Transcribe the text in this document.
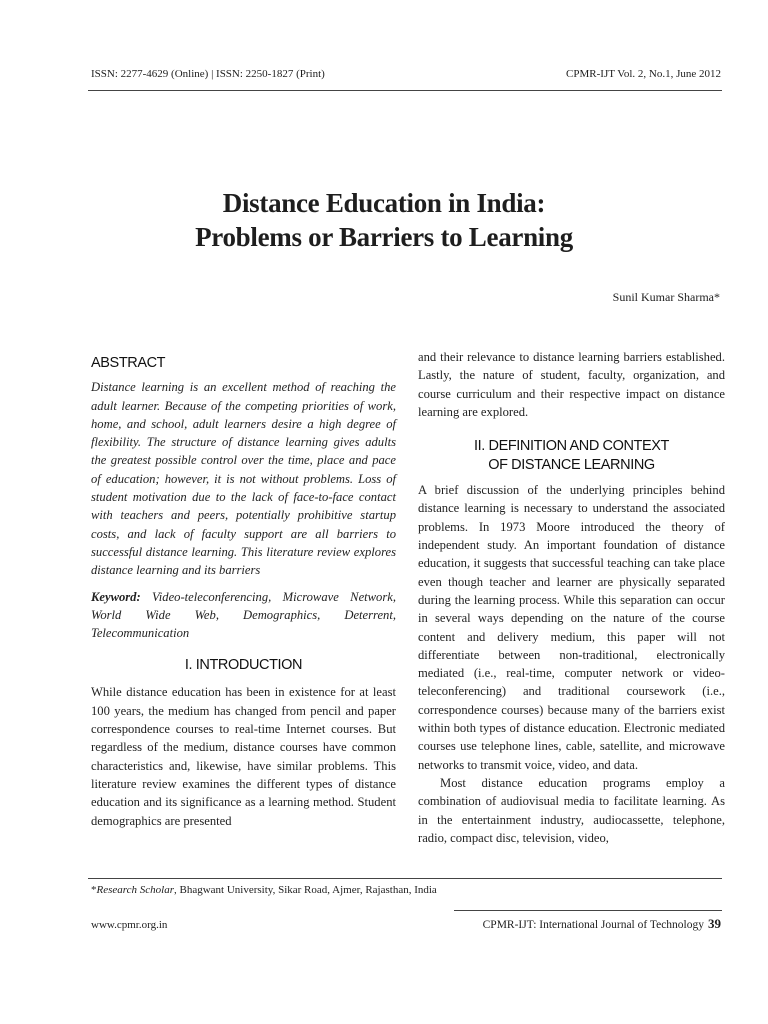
ISSN: 2277-4629 (Online) | ISSN: 2250-1827 (Print)	CPMR-IJT Vol. 2, No.1, June 2012
Distance Education in India:
Problems or Barriers to Learning
Sunil Kumar Sharma*
ABSTRACT

Distance learning is an excellent method of reaching the adult learner. Because of the competing priorities of work, home, and school, adult learners desire a high degree of flexibility. The structure of distance learning gives adults the greatest possible control over the time, place and pace of education; however, it is not without problems. Loss of student motivation due to the lack of face-to-face contact with teachers and peers, potentially prohibitive startup costs, and lack of faculty support are all barriers to successful distance learning. This literature review explores distance learning and its barriers

Keyword: Video-teleconferencing, Microwave Network, World Wide Web, Demographics, Deterrent, Telecommunication

I. INTRODUCTION

While distance education has been in existence for at least 100 years, the medium has changed from pencil and paper correspondence courses to real-time Internet courses. But regardless of the medium, distance courses have common characteristics and, likewise, have similar problems. This literature review examines the different types of distance education and its significance as a learning method. Student demographics are presented

and their relevance to distance learning barriers established. Lastly, the nature of student, faculty, organization, and course curriculum and their respective impact on distance learning are explored.

II. DEFINITION AND CONTEXT
OF DISTANCE LEARNING

A brief discussion of the underlying principles behind distance learning is necessary to understand the associated problems. In 1973 Moore introduced the theory of independent study. An important foundation of distance education, it suggests that successful teaching can take place even though teacher and learner are physically separated during the learning process. While this separation can occur in several ways depending on the nature of the course content and delivery medium, this paper will not differentiate between non-traditional, electronically mediated (i.e., real-time, computer network or video-teleconferencing) and traditional coursework (i.e., correspondence courses) because many of the barriers exist within both types of distance education. Electronic mediated courses use telephone lines, cable, satellite, and microwave networks to transmit voice, video, and data.

Most distance education programs employ a combination of audiovisual media to facilitate learning. As in the entertainment industry, audiocassette, telephone, radio, compact disc, television, video,

*Research Scholar, Bhagwant University, Sikar Road, Ajmer, Rajasthan, India
www.cpmr.org.in	CPMR-IJT: International Journal of Technology 39
